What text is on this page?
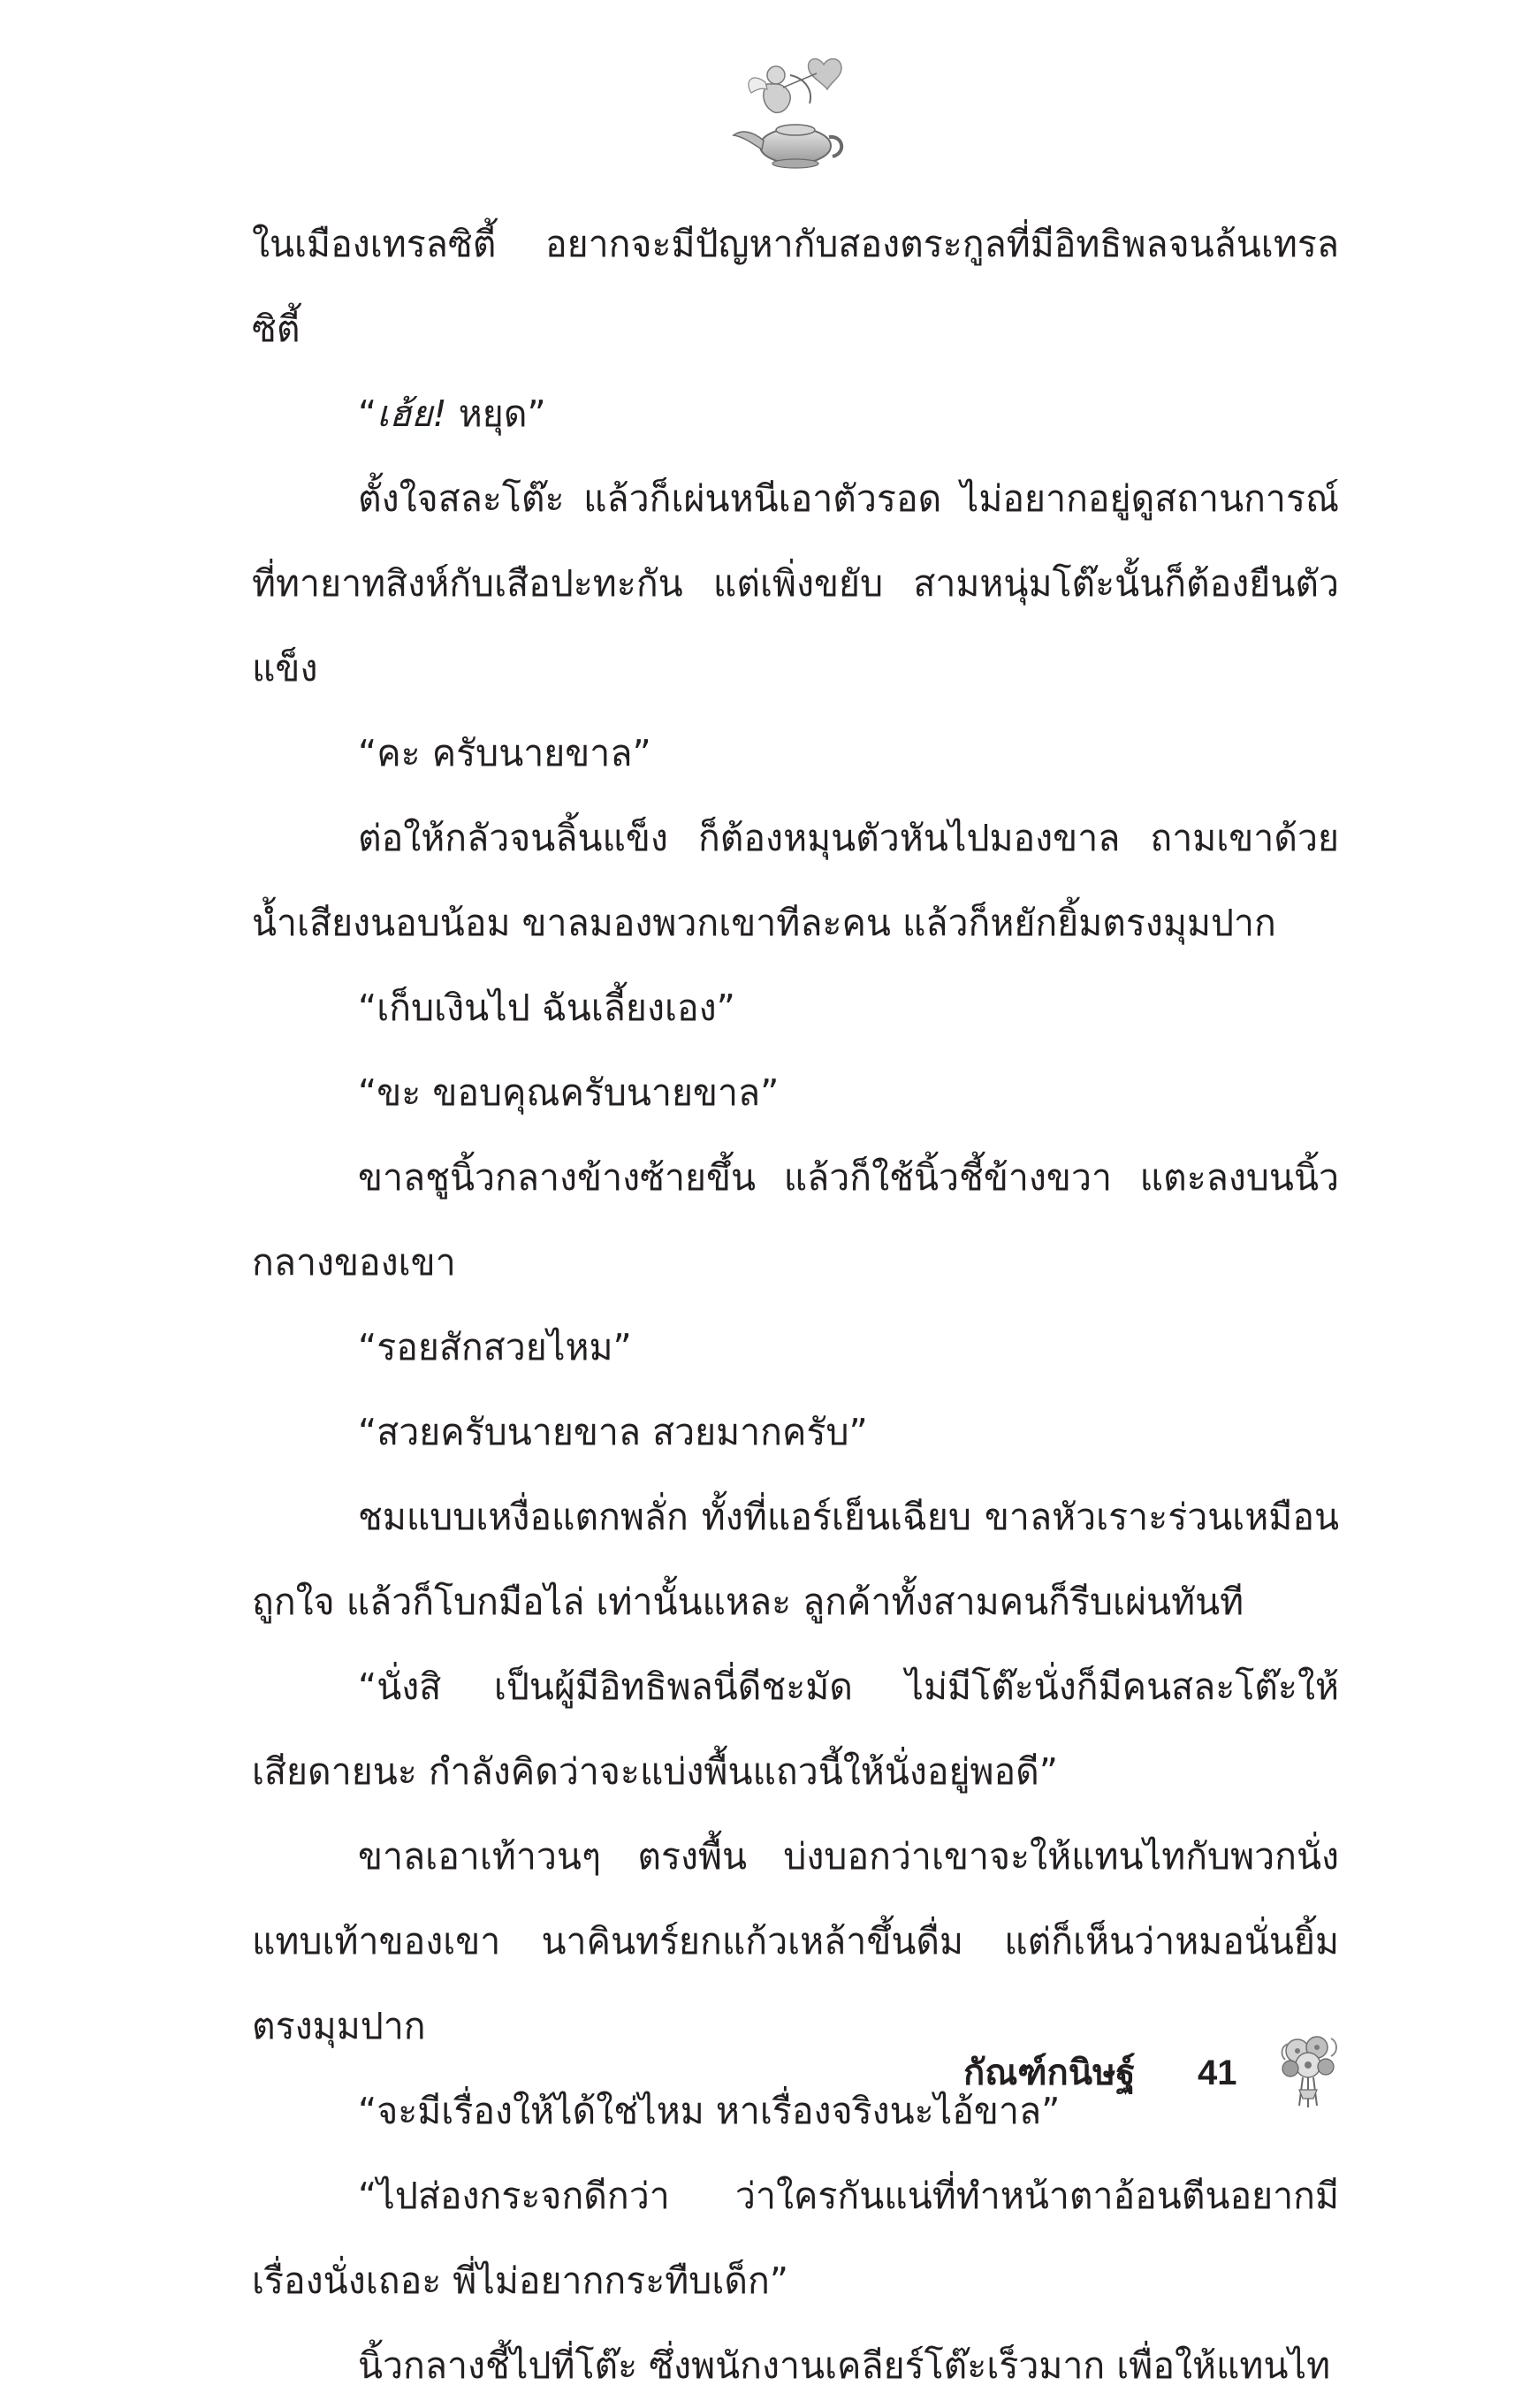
ในเมืองเทรลซิตี้ อยากจะมีปัญหากับสองตระกูลที่มีอิทธิพลจนล้นเทรลซิตี้

“เฮ้ย! หยุด”

ตั้งใจสละโต๊ะ แล้วก็เผ่นหนีเอาตัวรอด ไม่อยากอยู่ดูสถานการณ์ที่ทายาทสิงห์กับเสือปะทะกัน แต่เพิ่งขยับ สามหนุ่มโต๊ะนั้นก็ต้องยืนตัวแข็ง

“คะ ครับนายขาล”

ต่อให้กลัวจนลิ้นแข็ง ก็ต้องหมุนตัวหันไปมองขาล ถามเขาด้วยน้ำเสียงนอบน้อม ขาลมองพวกเขาทีละคน แล้วก็หยักยิ้มตรงมุมปาก

“เก็บเงินไป ฉันเลี้ยงเอง”

“ขะ ขอบคุณครับนายขาล”

ขาลชูนิ้วกลางข้างซ้ายขึ้น แล้วก็ใช้นิ้วชี้ข้างขวา แตะลงบนนิ้วกลางของเขา

“รอยสักสวยไหม”

“สวยครับนายขาล สวยมากครับ”

ชมแบบเหงื่อแตกพลั่ก ทั้งที่แอร์เย็นเฉียบ ขาลหัวเราะร่วนเหมือนถูกใจ แล้วก็โบกมือไล่ เท่านั้นแหละ ลูกค้าทั้งสามคนก็รีบเผ่นทันที

“นั่งสิ เป็นผู้มีอิทธิพลนี่ดีชะมัด ไม่มีโต๊ะนั่งก็มีคนสละโต๊ะให้ เสียดายนะ กำลังคิดว่าจะแบ่งพื้นแถวนี้ให้นั่งอยู่พอดี”

ขาลเอาเท้าวนๆ ตรงพื้น บ่งบอกว่าเขาจะให้แทนไทกับพวกนั่งแทบเท้าของเขา นาคินทร์ยกแก้วเหล้าขึ้นดื่ม แต่ก็เห็นว่าหมอนั่นยิ้มตรงมุมปาก

“จะมีเรื่องให้ได้ใช่ไหม หาเรื่องจริงนะไอ้ขาล”

“ไปส่องกระจกดีกว่า ว่าใครกันแน่ที่ทำหน้าตาอ้อนตีนอยากมีเรื่องนั่งเถอะ พี่ไม่อยากกระทืบเด็ก”

นิ้วกลางชี้ไปที่โต๊ะ ซึ่งพนักงานเคลียร์โต๊ะเร็วมาก เพื่อให้แทนไท

กัณฑ์กนิษฐ์ 41
